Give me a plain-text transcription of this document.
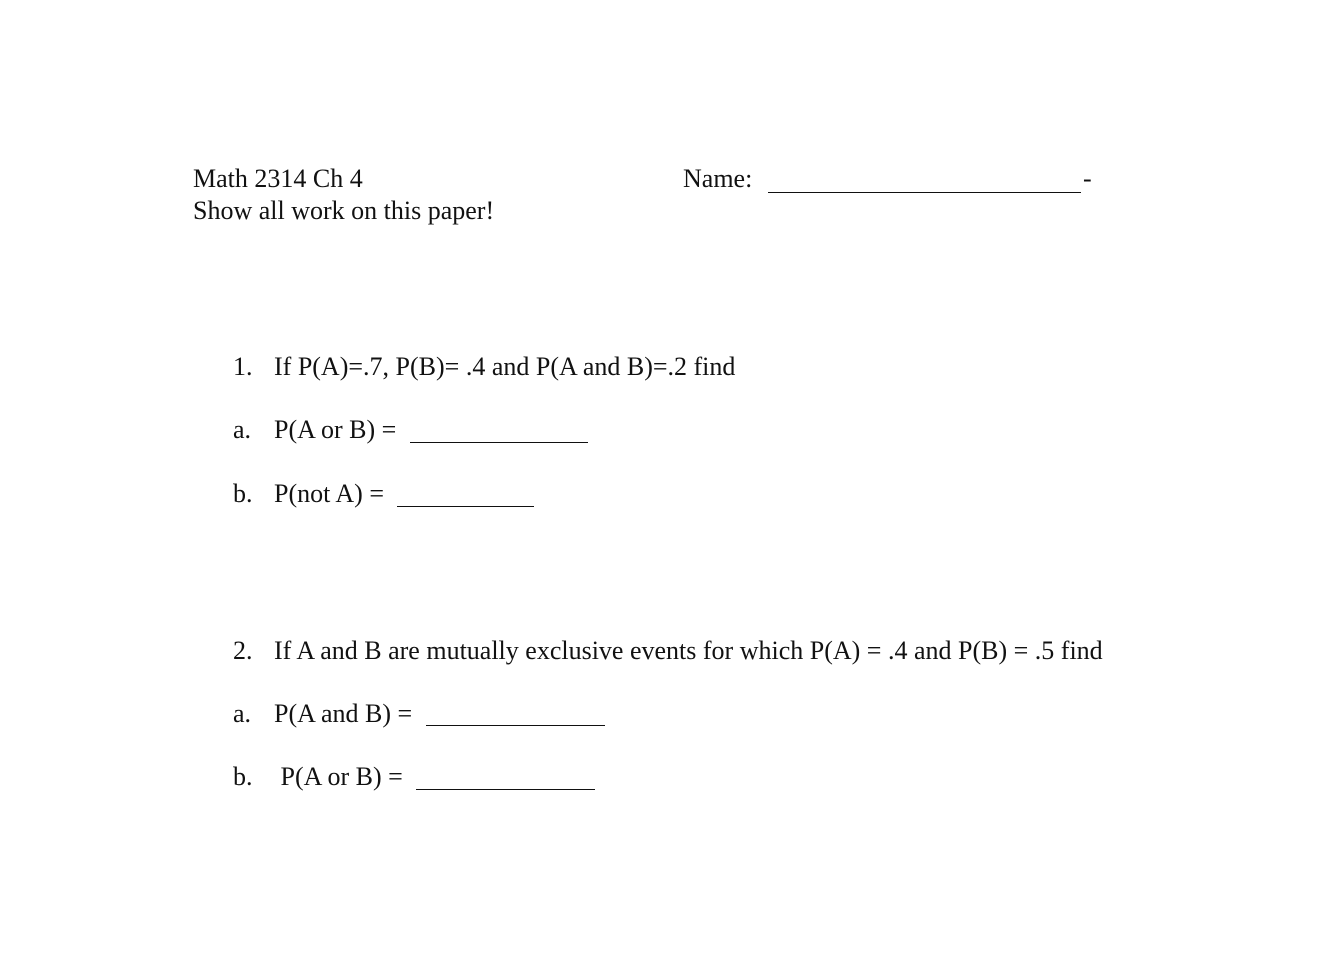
Math 2314 Ch 4
Show all work on this paper!
Name:	-
1. If P(A)=.7, P(B)= .4 and P(A and B)=.2 find
a. P(A or B) =
b. P(not A) =
2. If A and B are mutually exclusive events for which P(A) = .4 and P(B) = .5 find
a. P(A and B) =
b. P(A or B) =
